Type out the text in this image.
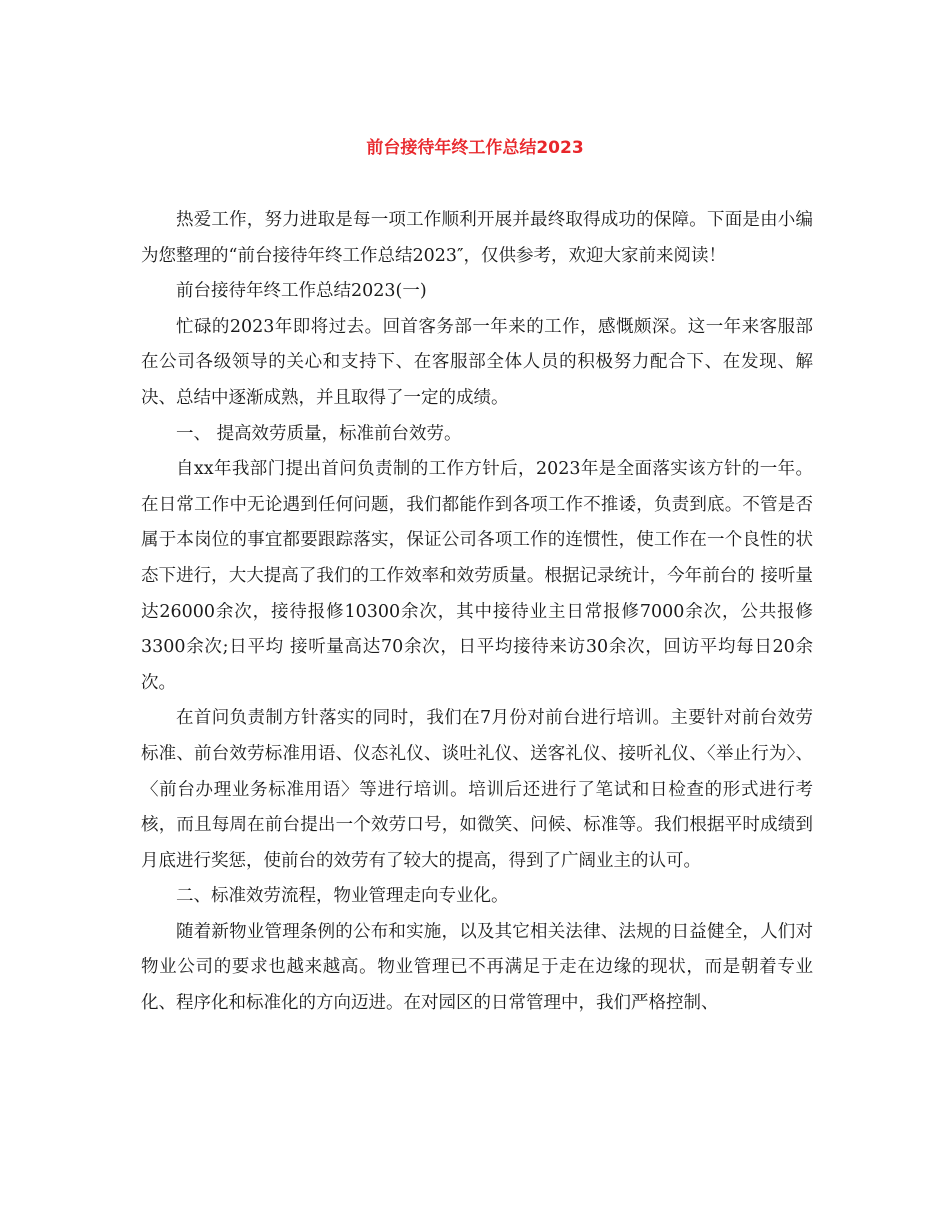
前台接待年终工作总结2023

热爱工作，努力进取是每一项工作顺利开展并最终取得成功的保障。下面是由小编为您整理的“前台接待年终工作总结2023″，仅供参考，欢迎大家前来阅读！

前台接待年终工作总结2023(一)

忙碌的2023年即将过去。回首客务部一年来的工作，感慨颇深。这一年来客服部在公司各级领导的关心和支持下、在客服部全体人员的积极努力配合下、在发现、解决、总结中逐渐成熟，并且取得了一定的成绩。

一、 提高效劳质量，标准前台效劳。

自xx年我部门提出首问负责制的工作方针后，2023年是全面落实该方针的一年。在日常工作中无论遇到任何问题，我们都能作到各项工作不推诿，负责到底。不管是否属于本岗位的事宜都要跟踪落实，保证公司各项工作的连惯性，使工作在一个良性的状态下进行，大大提高了我们的工作效率和效劳质量。根据记录统计，今年前台的 接听量达26000余次，接待报修10300余次，其中接待业主日常报修7000余次，公共报修3300余次;日平均 接听量高达70余次，日平均接待来访30余次，回访平均每日20余次。

在首问负责制方针落实的同时，我们在7月份对前台进行培训。主要针对前台效劳标准、前台效劳标准用语、仪态礼仪、谈吐礼仪、送客礼仪、接听礼仪、〈举止行为〉、〈前台办理业务标准用语〉等进行培训。培训后还进行了笔试和日检查的形式进行考核，而且每周在前台提出一个效劳口号，如微笑、问候、标准等。我们根据平时成绩到月底进行奖惩，使前台的效劳有了较大的提高，得到了广阔业主的认可。

二、标准效劳流程，物业管理走向专业化。

随着新物业管理条例的公布和实施，以及其它相关法律、法规的日益健全，人们对物业公司的要求也越来越高。物业管理已不再满足于走在边缘的现状，而是朝着专业化、程序化和标准化的方向迈进。在对园区的日常管理中，我们严格控制、
